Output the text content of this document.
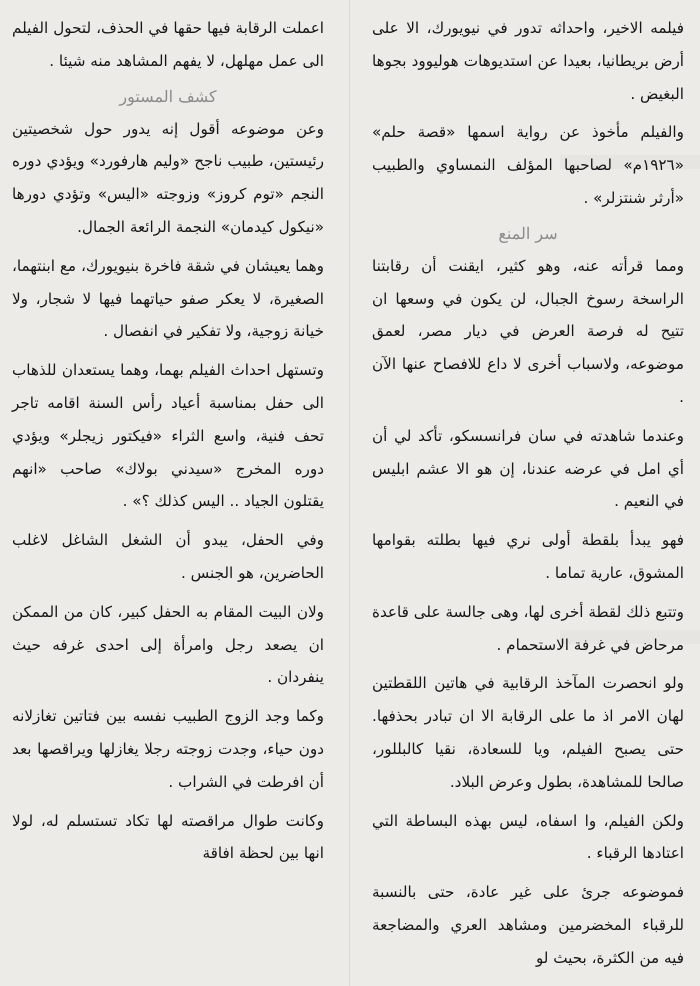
فيلمه الاخير، واحداثه تدور في نيويورك، الا على أرض بريطانيا، بعيدا عن استديوهات هوليوود بجوها البغيض .

والفيلم مأخوذ عن رواية اسمها «قصة حلم» «١٩٢٦م» لصاحبها المؤلف النمساوي والطبيب «أرثر شنتزلر» .

سر المنع

ومما قرأته عنه، وهو كثير، ايقنت أن رقابتنا الراسخة رسوخ الجبال، لن يكون في وسعها ان تتيح له فرصة العرض في ديار مصر، لعمق موضوعه، ولاسباب أخرى لا داع للافصاح عنها الآن .

وعندما شاهدته في سان فرانسسكو، تأكد لي أن أي امل في عرضه عندنا، إن هو الا عشم ابليس في النعيم .

فهو يبدأ بلقطة أولى نري فيها بطلته بقوامها المشوق، عارية تماما .

وتتبع ذلك لقطة أخرى لها، وهى جالسة على قاعدة مرحاض في غرفة الاستحمام .

ولو انحصرت المآخذ الرقابية في هاتين اللقطتين لهان الامر اذ ما على الرقابة الا ان تبادر بحذفها. حتى يصبح الفيلم، ويا للسعادة، نقيا كالبللور، صالحا للمشاهدة، بطول وعرض البلاد.

ولكن الفيلم، وا اسفاه، ليس بهذه البساطة التي اعتادها الرقباء .

فموضوعه جرئ على غير عادة، حتى بالنسبة للرقباء المخضرمين ومشاهد العري والمضاجعة فيه من الكثرة، بحيث لو

اعملت الرقابة فيها حقها في الحذف، لتحول الفيلم الى عمل مهلهل، لا يفهم المشاهد منه شيئا .

كشف المستور

وعن موضوعه أقول إنه يدور حول شخصيتين رئيستين، طبيب ناجح «وليم هارفورد» ويؤدي دوره النجم «توم كروز» وزوجته «اليس» وتؤدي دورها «نيكول كيدمان» النجمة الرائعة الجمال.

وهما يعيشان في شقة فاخرة بنيويورك، مع ابنتهما، الصغيرة، لا يعكر صفو حياتهما فيها لا شجار، ولا خيانة زوجية، ولا تفكير في انفصال .

وتستهل احداث الفيلم بهما، وهما يستعدان للذهاب الى حفل بمناسبة أعياد رأس السنة اقامه تاجر تحف فنية، واسع الثراء «فيكتور زيجلر» ويؤدي دوره المخرج «سيدني بولاك» صاحب «انهم يقتلون الجياد .. اليس كذلك ؟» .

وفي الحفل، يبدو أن الشغل الشاغل لاغلب الحاضرين، هو الجنس .

ولان البيت المقام به الحفل كبير، كان من الممكن ان يصعد رجل وامرأة إلى احدى غرفه حيث ينفردان .

وكما وجد الزوج الطبيب نفسه بين فتاتين تغازلانه دون حياء، وجدت زوجته رجلا يغازلها ويراقصها بعد أن افرطت في الشراب .

وكانت طوال مراقصته لها تكاد تستسلم له، لولا انها بين لحظة افاقة
